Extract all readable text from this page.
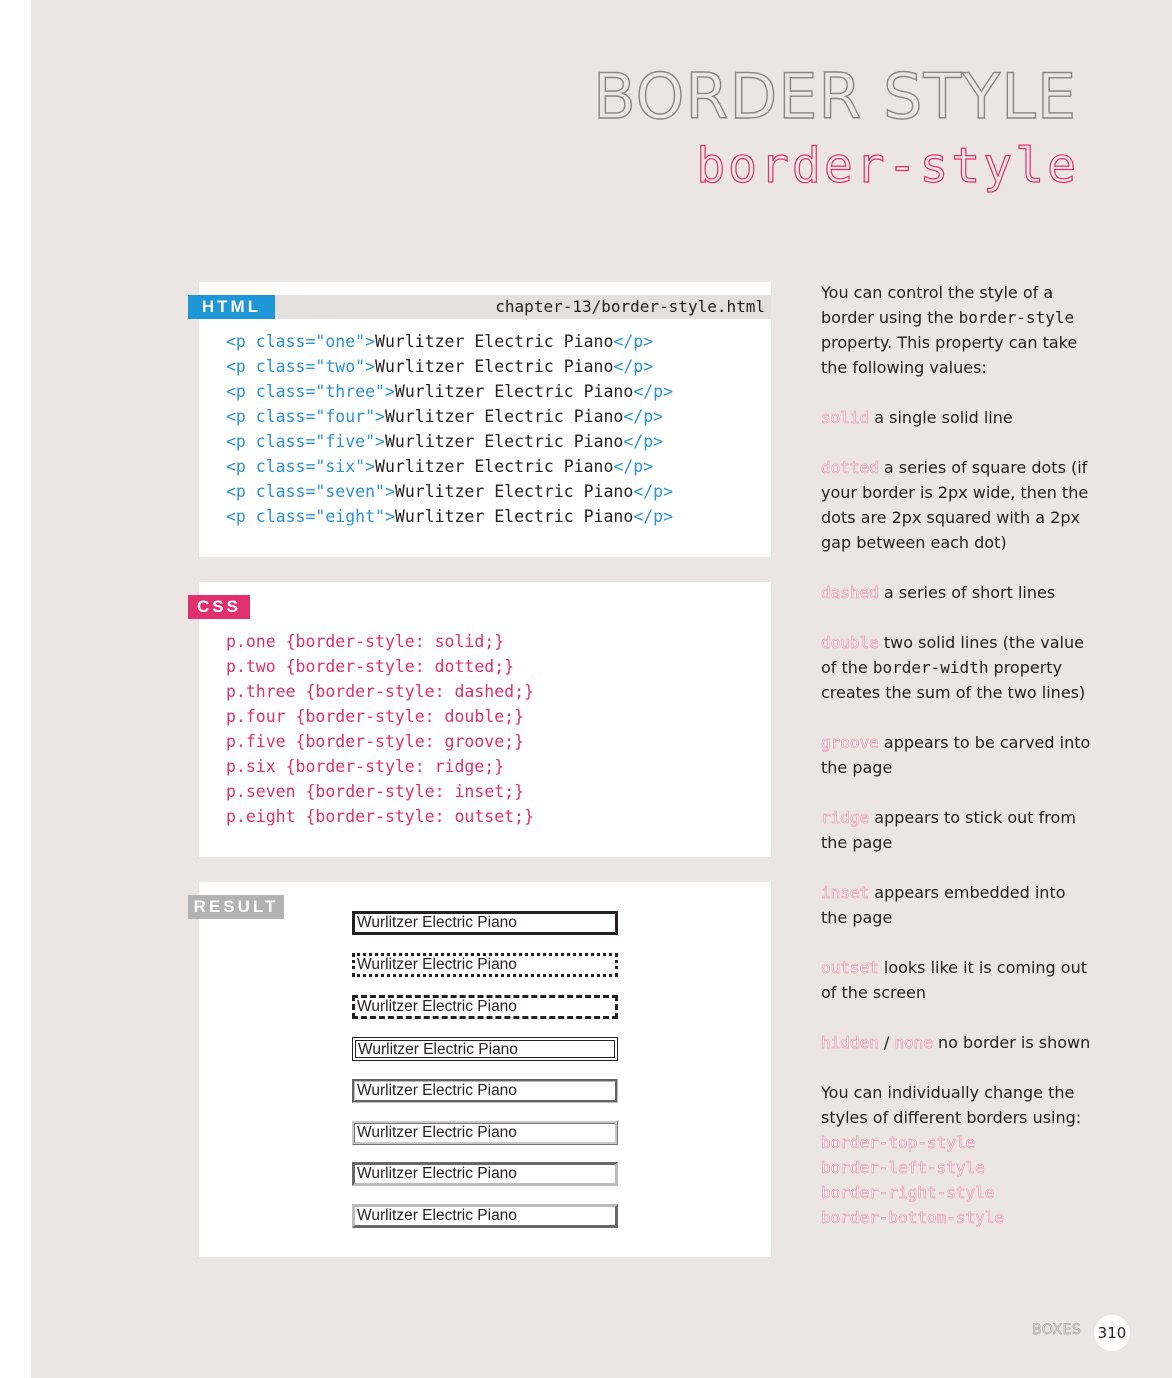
BORDER STYLE
border-style
chapter-13/border-style.html
HTML
<p class="one">Wurlitzer Electric Piano</p>
<p class="two">Wurlitzer Electric Piano</p>
<p class="three">Wurlitzer Electric Piano</p>
<p class="four">Wurlitzer Electric Piano</p>
<p class="five">Wurlitzer Electric Piano</p>
<p class="six">Wurlitzer Electric Piano</p>
<p class="seven">Wurlitzer Electric Piano</p>
<p class="eight">Wurlitzer Electric Piano</p>
CSS
p.one {border-style: solid;}
p.two {border-style: dotted;}
p.three {border-style: dashed;}
p.four {border-style: double;}
p.five {border-style: groove;}
p.six {border-style: ridge;}
p.seven {border-style: inset;}
p.eight {border-style: outset;}
RESULT
Wurlitzer Electric Piano
Wurlitzer Electric Piano
Wurlitzer Electric Piano
Wurlitzer Electric Piano
Wurlitzer Electric Piano
Wurlitzer Electric Piano
Wurlitzer Electric Piano
Wurlitzer Electric Piano

You can control the style of a border using the border-style property. This property can take the following values:

solid a single solid line

dotted a series of square dots (if your border is 2px wide, then the dots are 2px squared with a 2px gap between each dot)

dashed a series of short lines

double two solid lines (the value of the border-width property creates the sum of the two lines)

groove appears to be carved into the page

ridge appears to stick out from the page

inset appears embedded into the page

outset looks like it is coming out of the screen

hidden / none no border is shown

You can individually change the styles of different borders using:
border-top-style
border-left-style
border-right-style
border-bottom-style

BOXES 310
